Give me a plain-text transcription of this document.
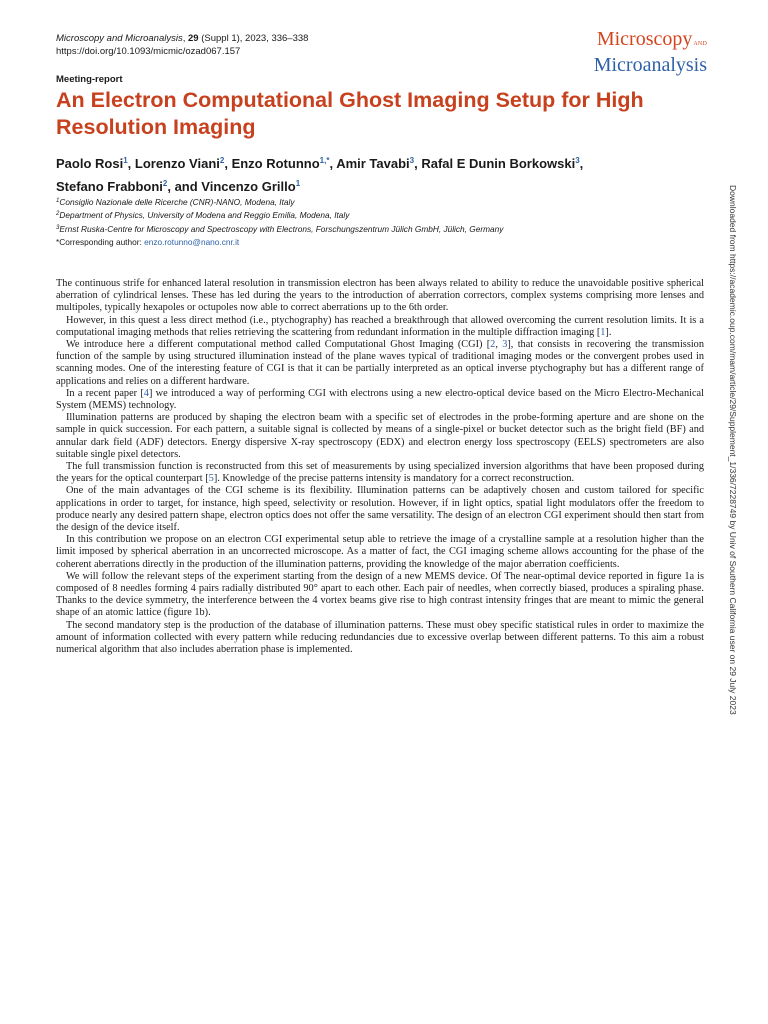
Microscopy and Microanalysis, 29 (Suppl 1), 2023, 336–338
https://doi.org/10.1093/micmic/ozad067.157
MicroscopyAND
Microanalysis
Meeting-report
An Electron Computational Ghost Imaging Setup for High Resolution Imaging
Paolo Rosi$^1$, Lorenzo Viani$^2$, Enzo Rotunno$^{1,*}$, Amir Tavabi$^3$, Rafal E Dunin Borkowski$^3$,
Stefano Frabboni$^2$, and Vincenzo Grillo$^1$
$^1$Consiglio Nazionale delle Ricerche (CNR)-NANO, Modena, Italy
$^2$Department of Physics, University of Modena and Reggio Emilia, Modena, Italy
$^3$Ernst Ruska-Centre for Microscopy and Spectroscopy with Electrons, Forschungszentrum Jülich GmbH, Jülich, Germany
*Corresponding author: enzo.rotunno@nano.cnr.it

The continuous strife for enhanced lateral resolution in transmission electron has been always related to ability to reduce the unavoidable positive spherical aberration of cylindrical lenses. These has led during the years to the introduction of aberration correctors, complex systems comprising more lenses and multipoles, typically hexapoles or octupoles now able to correct aberrations up to the 6th order.

However, in this quest a less direct method (i.e., ptychography) has reached a breakthrough that allowed overcoming the current resolution limits. It is a computational imaging methods that relies retrieving the scattering from redundant information in the multiple diffraction imaging [1].

We introduce here a different computational method called Computational Ghost Imaging (CGI) [2, 3], that consists in recovering the transmission function of the sample by using structured illumination instead of the plane waves typical of traditional imaging modes or the convergent probes used in scanning modes. One of the interesting feature of CGI is that it can be partially interpreted as an optical inverse ptychography but has a different range of applications and relies on a different hardware.

In a recent paper [4] we introduced a way of performing CGI with electrons using a new electro-optical device based on the Micro Electro-Mechanical System (MEMS) technology.

Illumination patterns are produced by shaping the electron beam with a specific set of electrodes in the probe-forming aperture and are shone on the sample in quick succession. For each pattern, a suitable signal is collected by means of a single-pixel or bucket detector such as the bright field (BF) and annular dark field (ADF) detectors. Energy dispersive X-ray spectroscopy (EDX) and electron energy loss spectroscopy (EELS) spectrometers are also suitable single pixel detectors.

The full transmission function is reconstructed from this set of measurements by using specialized inversion algorithms that have been proposed during the years for the optical counterpart [5]. Knowledge of the precise patterns intensity is mandatory for a correct reconstruction.

One of the main advantages of the CGI scheme is its flexibility. Illumination patterns can be adaptively chosen and custom tailored for specific applications in order to target, for instance, high speed, selectivity or resolution. However, if in light optics, spatial light modulators offer the freedom to produce nearly any desired pattern shape, electron optics does not offer the same versatility. The design of an electron CGI experiment should then start from the design of the device itself.

In this contribution we propose on an electron CGI experimental setup able to retrieve the image of a crystalline sample at a resolution higher than the limit imposed by spherical aberration in an uncorrected microscope. As a matter of fact, the CGI imaging scheme allows accounting for the phase of the coherent aberrations directly in the production of the illumination patterns, providing the knowledge of the major aberration coefficients.

We will follow the relevant steps of the experiment starting from the design of a new MEMS device. Of The near-optimal device reported in figure 1a is composed of 8 needles forming 4 pairs radially distributed 90° apart to each other. Each pair of needles, when correctly biased, produces a spiraling phase. Thanks to the device symmetry, the interference between the 4 vortex beams give rise to high contrast intensity fringes that are meant to mimic the general shape of an atomic lattice (figure 1b).

The second mandatory step is the production of the database of illumination patterns. These must obey specific statistical rules in order to maximize the amount of information collected with every pattern while reducing redundancies due to excessive overlap between different patterns. To this aim a robust numerical algorithm that also includes aberration phase is implemented.	Downloaded from https://academic.oup.com/mam/article/29/Supplement_1/336/7228749 by Univ of Southern California user on 29 July 2023
